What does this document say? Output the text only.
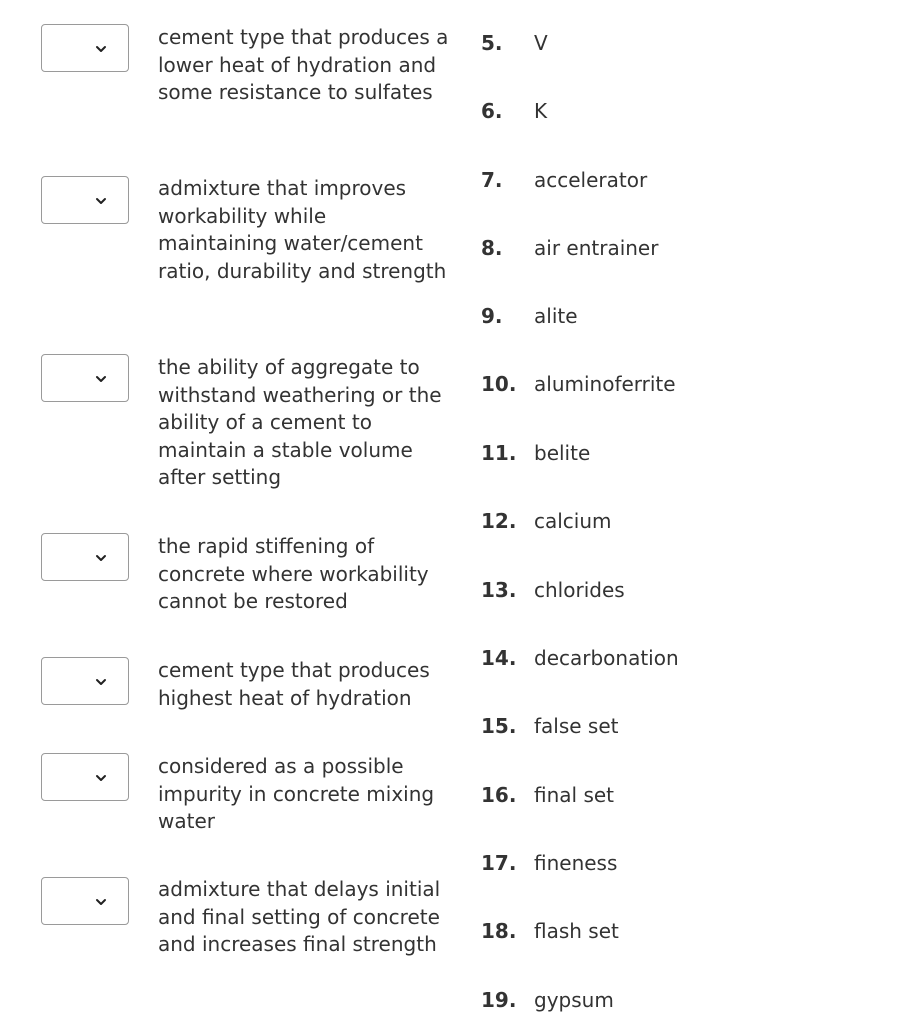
cement type that produces a lower heat of hydration and some resistance to sulfates
admixture that improves workability while maintaining water/cement ratio, durability and strength
the ability of aggregate to withstand weathering or the ability of a cement to maintain a stable volume after setting
the rapid stiffening of concrete where workability cannot be restored
cement type that produces highest heat of hydration
considered as a possible impurity in concrete mixing water
admixture that delays initial and final setting of concrete and increases final strength
5. V
6. K
7. accelerator
8. air entrainer
9. alite
10. aluminoferrite
11. belite
12. calcium
13. chlorides
14. decarbonation
15. false set
16. final set
17. fineness
18. flash set
19. gypsum
